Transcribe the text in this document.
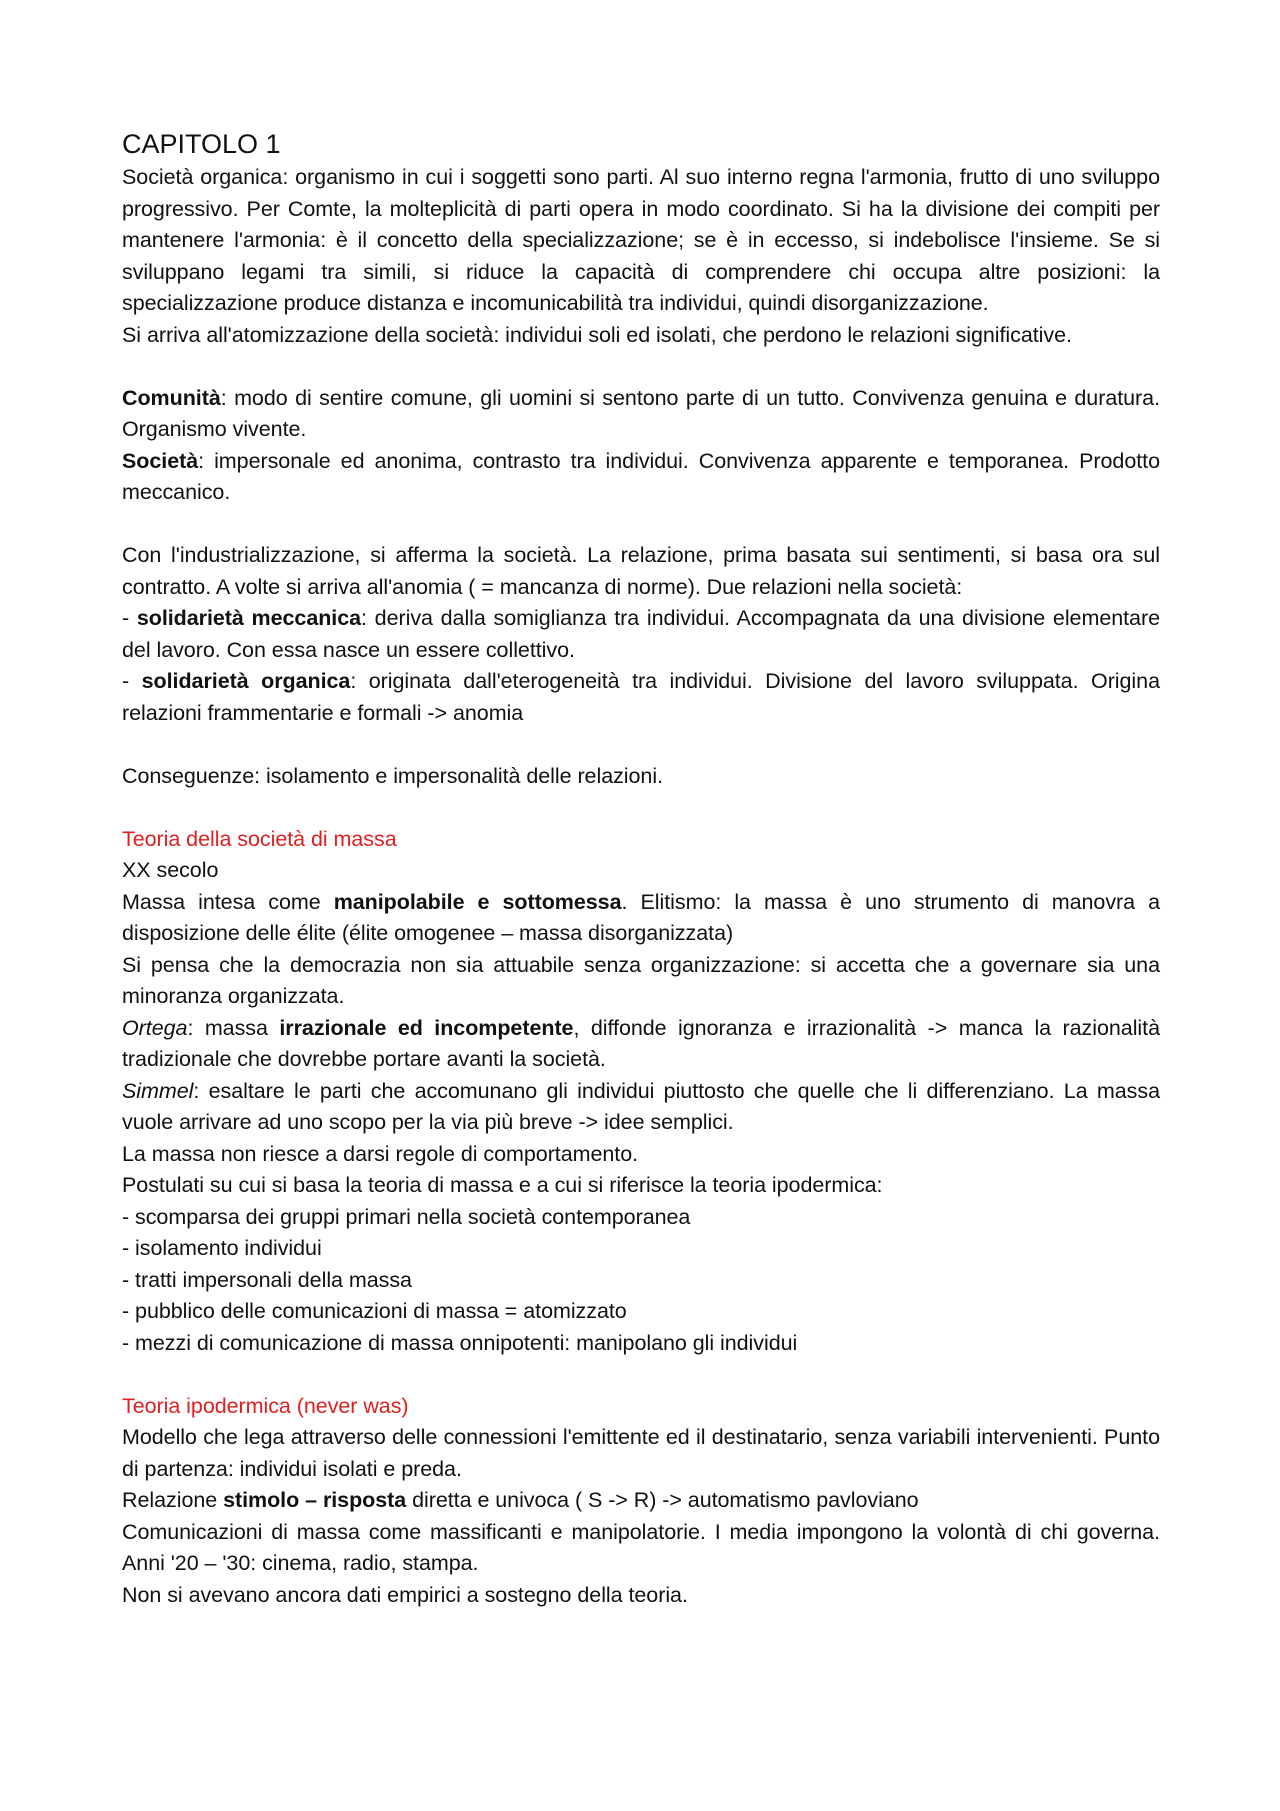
CAPITOLO 1

Società organica: organismo in cui i soggetti sono parti. Al suo interno regna l'armonia, frutto di uno sviluppo progressivo. Per Comte, la molteplicità di parti opera in modo coordinato. Si ha la divisione dei compiti per mantenere l'armonia: è il concetto della specializzazione; se è in eccesso, si indebolisce l'insieme. Se si sviluppano legami tra simili, si riduce la capacità di comprendere chi occupa altre posizioni: la specializzazione produce distanza e incomunicabilità tra individui, quindi disorganizzazione.

Si arriva all'atomizzazione della società: individui soli ed isolati, che perdono le relazioni significative.

Comunità: modo di sentire comune, gli uomini si sentono parte di un tutto. Convivenza genuina e duratura. Organismo vivente.

Società: impersonale ed anonima, contrasto tra individui. Convivenza apparente e temporanea. Prodotto meccanico.

Con l'industrializzazione, si afferma la società. La relazione, prima basata sui sentimenti, si basa ora sul contratto. A volte si arriva all'anomia ( = mancanza di norme). Due relazioni nella società:

- solidarietà meccanica: deriva dalla somiglianza tra individui. Accompagnata da una divisione elementare del lavoro. Con essa nasce un essere collettivo.

- solidarietà organica: originata dall'eterogeneità tra individui. Divisione del lavoro sviluppata. Origina relazioni frammentarie e formali -> anomia

Conseguenze: isolamento e impersonalità delle relazioni.

Teoria della società di massa

XX secolo

Massa intesa come manipolabile e sottomessa. Elitismo: la massa è uno strumento di manovra a disposizione delle élite (élite omogenee – massa disorganizzata)

Si pensa che la democrazia non sia attuabile senza organizzazione: si accetta che a governare sia una minoranza organizzata.

Ortega: massa irrazionale ed incompetente, diffonde ignoranza e irrazionalità -> manca la razionalità tradizionale che dovrebbe portare avanti la società.

Simmel: esaltare le parti che accomunano gli individui piuttosto che quelle che li differenziano. La massa vuole arrivare ad uno scopo per la via più breve -> idee semplici.

La massa non riesce a darsi regole di comportamento.

Postulati su cui si basa la teoria di massa e a cui si riferisce la teoria ipodermica:

- scomparsa dei gruppi primari nella società contemporanea

- isolamento individui

- tratti impersonali della massa

- pubblico delle comunicazioni di massa = atomizzato

- mezzi di comunicazione di massa onnipotenti: manipolano gli individui

Teoria ipodermica (never was)

Modello che lega attraverso delle connessioni l'emittente ed il destinatario, senza variabili intervenienti. Punto di partenza: individui isolati e preda.

Relazione stimolo – risposta diretta e univoca ( S -> R) -> automatismo pavloviano

Comunicazioni di massa come massificanti e manipolatorie. I media impongono la volontà di chi governa. Anni '20 – '30: cinema, radio, stampa.

Non si avevano ancora dati empirici a sostegno della teoria.
